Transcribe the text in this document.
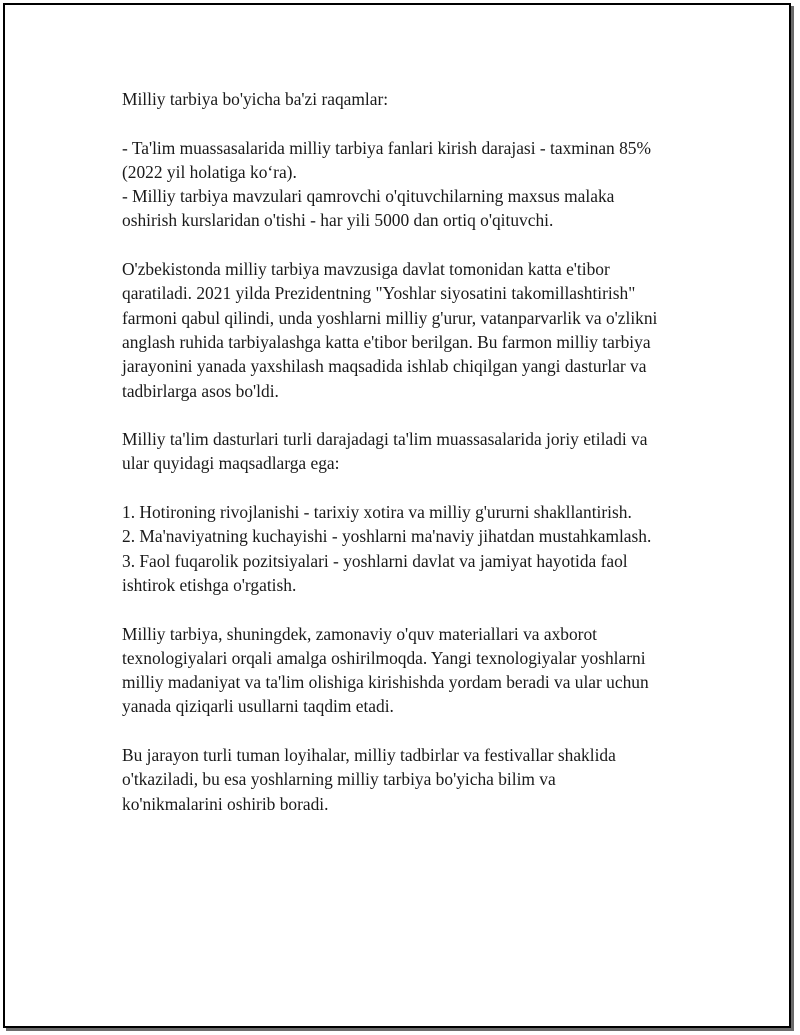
Milliy tarbiya bo'yicha ba'zi raqamlar:

- Ta'lim muassasalarida milliy tarbiya fanlari kirish darajasi - taxminan 85%
(2022 yil holatiga ko‘ra).
- Milliy tarbiya mavzulari qamrovchi o'qituvchilarning maxsus malaka
oshirish kurslaridan o'tishi - har yili 5000 dan ortiq o'qituvchi.

O'zbekistonda milliy tarbiya mavzusiga davlat tomonidan katta e'tibor
qaratiladi. 2021 yilda Prezidentning "Yoshlar siyosatini takomillashtirish"
farmoni qabul qilindi, unda yoshlarni milliy g'urur, vatanparvarlik va o'zlikni
anglash ruhida tarbiyalashga katta e'tibor berilgan. Bu farmon milliy tarbiya
jarayonini yanada yaxshilash maqsadida ishlab chiqilgan yangi dasturlar va
tadbirlarga asos bo'ldi.

Milliy ta'lim dasturlari turli darajadagi ta'lim muassasalarida joriy etiladi va
ular quyidagi maqsadlarga ega:

1. Hotironing rivojlanishi - tarixiy xotira va milliy g'ururni shakllantirish.
2. Ma'naviyatning kuchayishi - yoshlarni ma'naviy jihatdan mustahkamlash.
3. Faol fuqarolik pozitsiyalari - yoshlarni davlat va jamiyat hayotida faol
ishtirok etishga o'rgatish.

Milliy tarbiya, shuningdek, zamonaviy o'quv materiallari va axborot
texnologiyalari orqali amalga oshirilmoqda. Yangi texnologiyalar yoshlarni
milliy madaniyat va ta'lim olishiga kirishishda yordam beradi va ular uchun
yanada qiziqarli usullarni taqdim etadi.

Bu jarayon turli tuman loyihalar, milliy tadbirlar va festivallar shaklida
o'tkaziladi, bu esa yoshlarning milliy tarbiya bo'yicha bilim va
ko'nikmalarini oshirib boradi.
